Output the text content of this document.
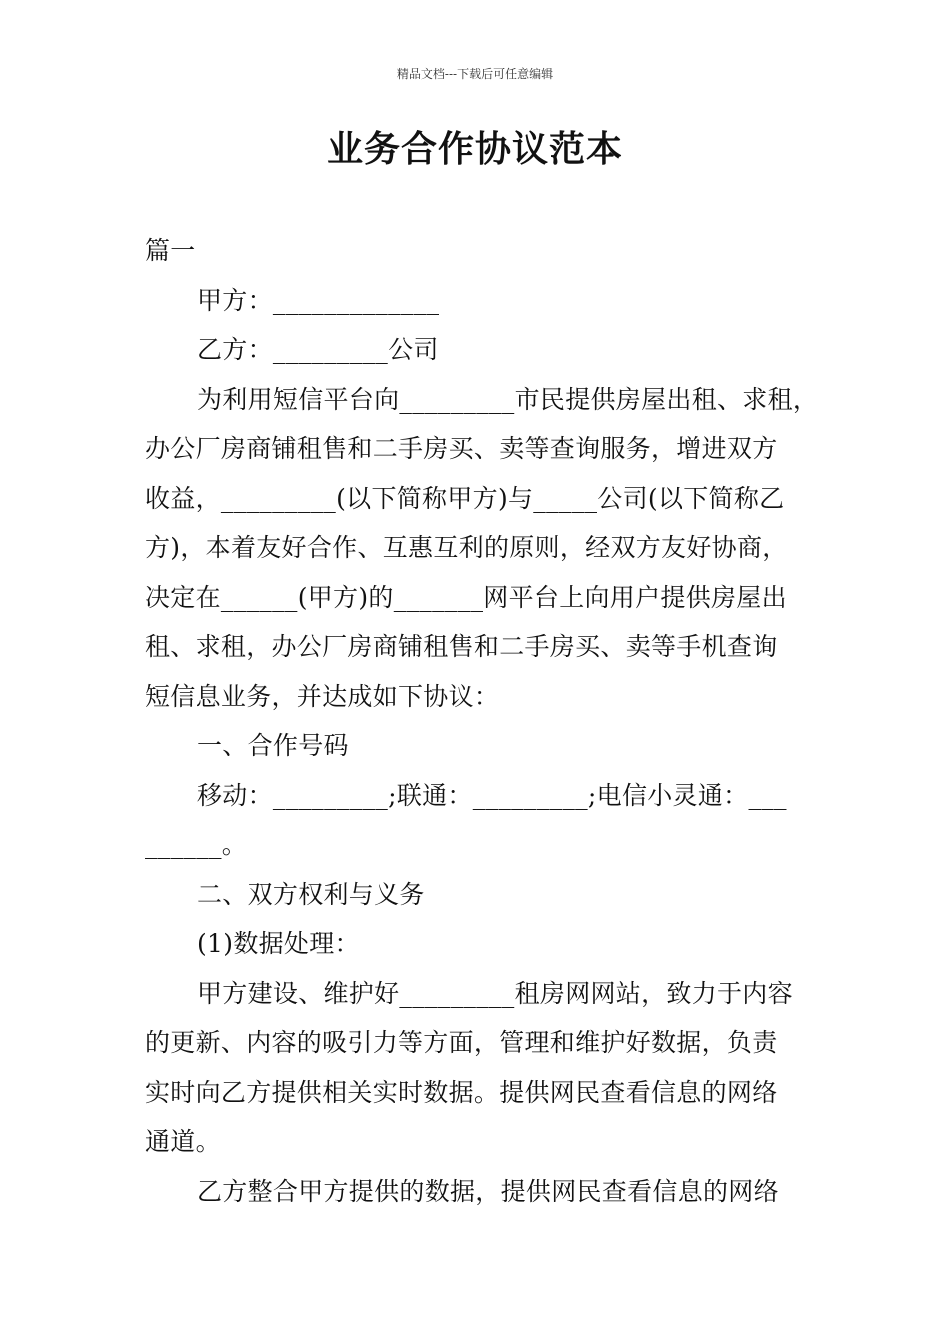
精品文档---下载后可任意编辑
业务合作协议范本

篇一

甲方：_____________

乙方：_________公司

为利用短信平台向_________市民提供房屋出租、求租，

办公厂房商铺租售和二手房买、卖等查询服务，增进双方

收益，_________(以下简称甲方)与_____公司(以下简称乙

方)，本着友好合作、互惠互利的原则，经双方友好协商，

决定在______(甲方)的_______网平台上向用户提供房屋出

租、求租，办公厂房商铺租售和二手房买、卖等手机查询

短信息业务，并达成如下协议：

一、合作号码

移动：_________;联通：_________;电信小灵通：___

______。

二、双方权利与义务

(1)数据处理：

甲方建设、维护好_________租房网网站，致力于内容

的更新、内容的吸引力等方面，管理和维护好数据，负责

实时向乙方提供相关实时数据。提供网民查看信息的网络

通道。

乙方整合甲方提供的数据，提供网民查看信息的网络
